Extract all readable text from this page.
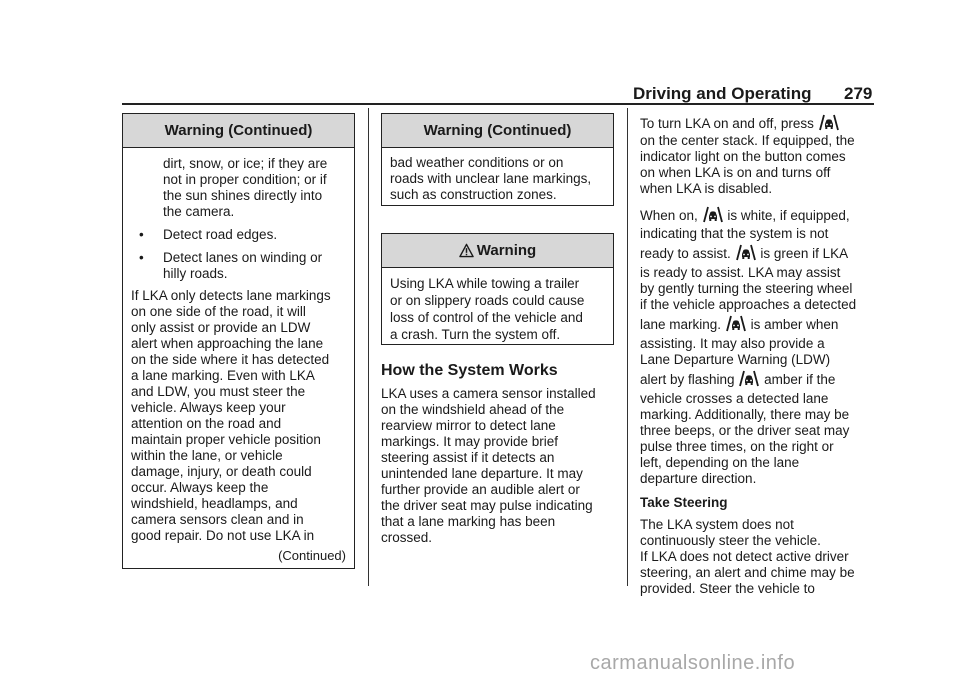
Driving and Operating 279
Warning (Continued)
dirt, snow, or ice; if they are
not in proper condition; or if
the sun shines directly into
the camera.
• Detect road edges.
• Detect lanes on winding or
hilly roads.
If LKA only detects lane markings
on one side of the road, it will
only assist or provide an LDW
alert when approaching the lane
on the side where it has detected
a lane marking. Even with LKA
and LDW, you must steer the
vehicle. Always keep your
attention on the road and
maintain proper vehicle position
within the lane, or vehicle
damage, injury, or death could
occur. Always keep the
windshield, headlamps, and
camera sensors clean and in
good repair. Do not use LKA in
(Continued)
Warning (Continued)
bad weather conditions or on
roads with unclear lane markings,
such as construction zones.
Warning
Using LKA while towing a trailer
or on slippery roads could cause
loss of control of the vehicle and
a crash. Turn the system off.
How the System Works
LKA uses a camera sensor installed
on the windshield ahead of the
rearview mirror to detect lane
markings. It may provide brief
steering assist if it detects an
unintended lane departure. It may
further provide an audible alert or
the driver seat may pulse indicating
that a lane marking has been
crossed.
To turn LKA on and off, press
on the center stack. If equipped, the
indicator light on the button comes
on when LKA is on and turns off
when LKA is disabled.
When on, is white, if equipped,
indicating that the system is not
ready to assist. is green if LKA
is ready to assist. LKA may assist
by gently turning the steering wheel
if the vehicle approaches a detected
lane marking. is amber when
assisting. It may also provide a
Lane Departure Warning (LDW)
alert by flashing amber if the
vehicle crosses a detected lane
marking. Additionally, there may be
three beeps, or the driver seat may
pulse three times, on the right or
left, depending on the lane
departure direction.
Take Steering
The LKA system does not
continuously steer the vehicle.
If LKA does not detect active driver
steering, an alert and chime may be
provided. Steer the vehicle to
carmanualsonline.info
